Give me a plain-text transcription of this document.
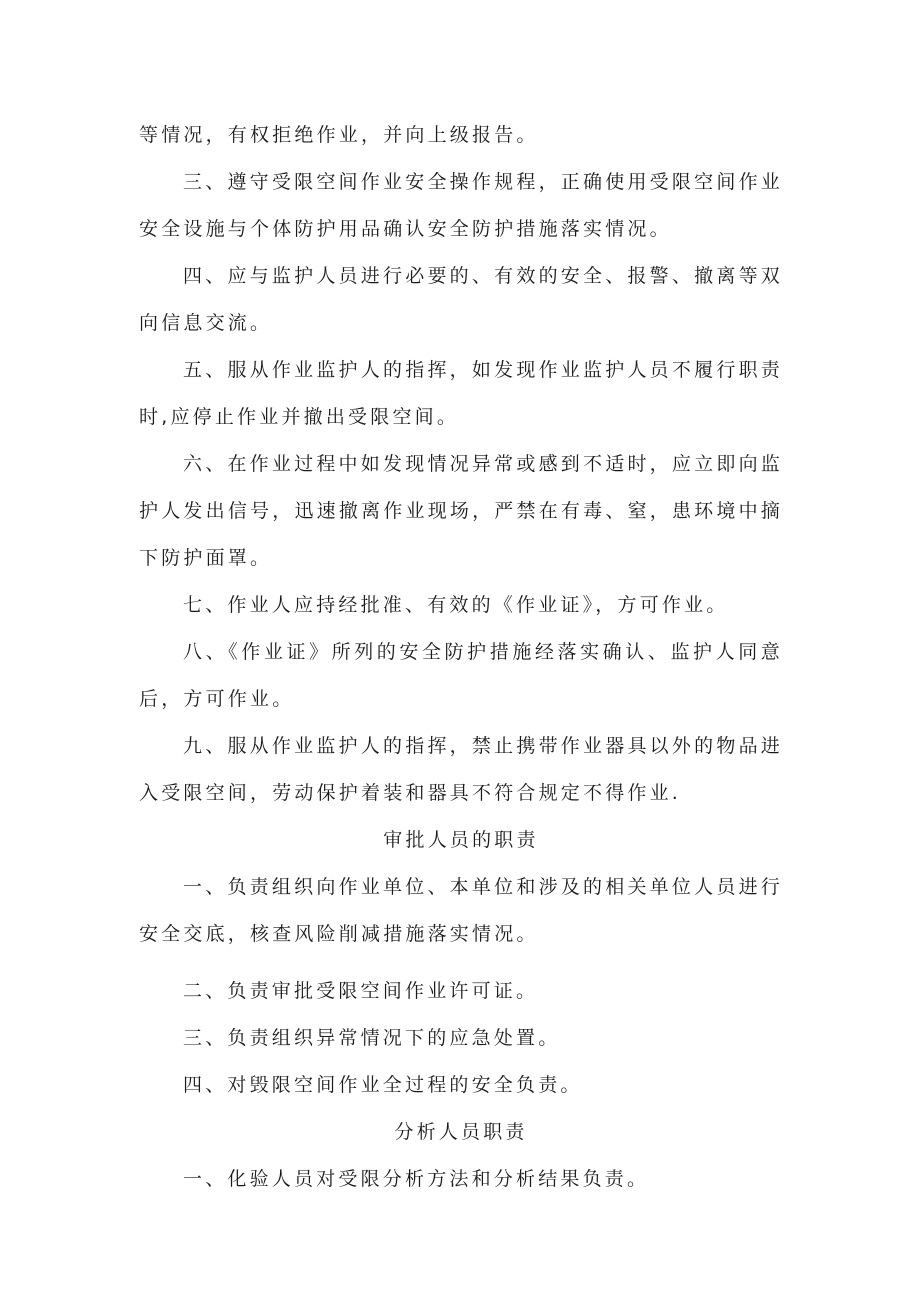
等情况，有权拒绝作业，并向上级报告。

三、遵守受限空间作业安全操作规程，正确使用受限空间作业安全设施与个体防护用品确认安全防护措施落实情况。

四、应与监护人员进行必要的、有效的安全、报警、撤离等双向信息交流。

五、服从作业监护人的指挥，如发现作业监护人员不履行职责时,应停止作业并撤出受限空间。

六、在作业过程中如发现情况异常或感到不适时，应立即向监护人发出信号，迅速撤离作业现场，严禁在有毒、窒，患环境中摘下防护面罩。

七、作业人应持经批准、有效的《作业证》，方可作业。

八、《作业证》所列的安全防护措施经落实确认、监护人同意后，方可作业。

九、服从作业监护人的指挥，禁止携带作业器具以外的物品进入受限空间，劳动保护着装和器具不符合规定不得作业.

审批人员的职责

一、负责组织向作业单位、本单位和涉及的相关单位人员进行安全交底，核查风险削减措施落实情况。

二、负责审批受限空间作业许可证。

三、负责组织异常情况下的应急处置。

四、对毁限空间作业全过程的安全负责。

分析人员职责

一、化验人员对受限分析方法和分析结果负责。
